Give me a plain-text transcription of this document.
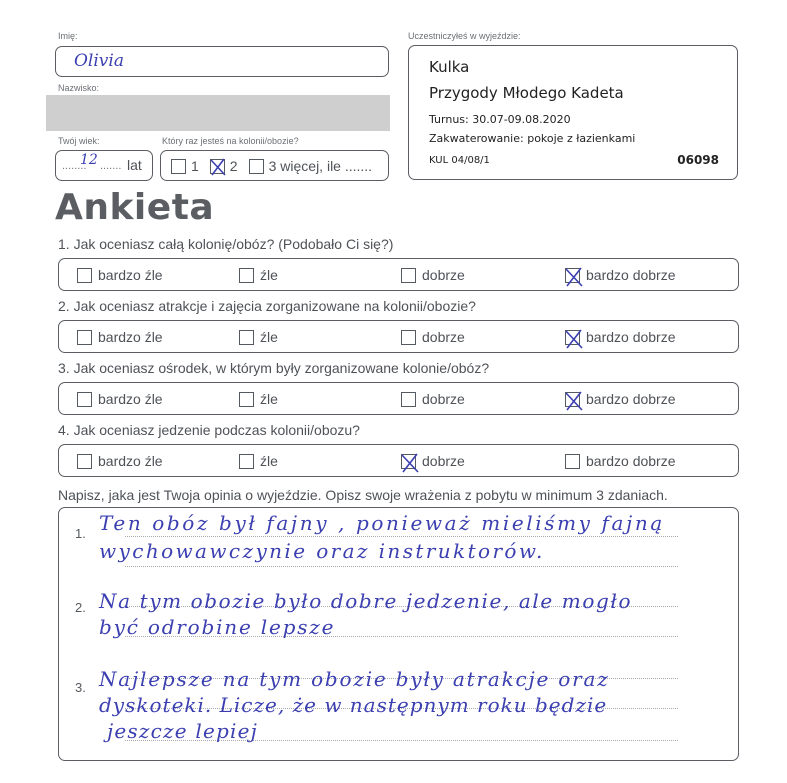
Imię:
Olivia
Nazwisko:
Twój wiek:
........
12 ....... lat
Który raz jesteś na kolonii/obozie?
1 2 3 więcej, ile .......
Uczestniczyłeś w wyjeździe:
Kulka
Przygody Młodego Kadeta
Turnus: 30.07-09.08.2020
Zakwaterowanie: pokoje z łazienkami
KUL 04/08/1	06098
Ankieta
1. Jak oceniasz całą kolonię/obóz? (Podobało Ci się?)
bardzo źle	źle	dobrze	bardzo dobrze
2. Jak oceniasz atrakcje i zajęcia zorganizowane na kolonii/obozie?
bardzo źle	źle	dobrze	bardzo dobrze
3. Jak oceniasz ośrodek, w którym były zorganizowane kolonie/obóz?
bardzo źle	źle	dobrze	bardzo dobrze
4. Jak oceniasz jedzenie podczas kolonii/obozu?
bardzo źle	źle	dobrze	bardzo dobrze
Napisz, jaka jest Twoja opinia o wyjeździe. Opisz swoje wrażenia z pobytu w minimum 3 zdaniach.
1.
2.
3.
Ten obóz był fajny , ponieważ mieliśmy fajną
wychowawczynie oraz instruktorów.
Na tym obozie było dobre jedzenie, ale mogło
być odrobine lepsze
Najlepsze na tym obozie były atrakcje oraz
dyskoteki. Licze, że w następnym roku będzie
jeszcze lepiej
